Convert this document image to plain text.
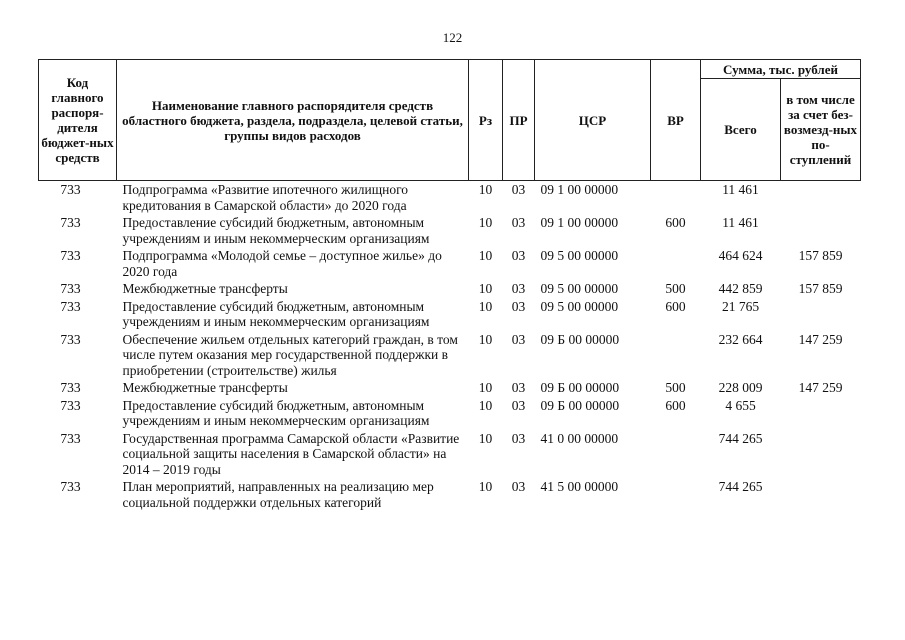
122
Код главного распоря-дителя бюджет-ных средств	Наименование главного распорядителя средств областного бюджета, раздела, подраздела, целевой статьи, группы видов расходов	Рз	ПР	ЦСР	ВР	Сумма, тыс. рублей	
						Всего	в том числе за счет без-возмезд-ных по-ступлений
733	Подпрограмма «Развитие ипотечного жилищного кредитования в Самарской области» до 2020 года	10	03	09 1 00 00000		11 461	
733	Предоставление субсидий бюджетным, автономным учреждениям и иным некоммерческим организациям	10	03	09 1 00 00000	600	11 461	
733	Подпрограмма «Молодой семье – доступное жилье» до 2020 года	10	03	09 5 00 00000		464 624	157 859
733	Межбюджетные трансферты	10	03	09 5 00 00000	500	442 859	157 859
733	Предоставление субсидий бюджетным, автономным учреждениям и иным некоммерческим организациям	10	03	09 5 00 00000	600	21 765	
733	Обеспечение жильем отдельных категорий граждан, в том числе путем оказания мер государственной поддержки в приобретении (строительстве) жилья	10	03	09 Б 00 00000		232 664	147 259
733	Межбюджетные трансферты	10	03	09 Б 00 00000	500	228 009	147 259
733	Предоставление субсидий бюджетным, автономным учреждениям и иным некоммерческим организациям	10	03	09 Б 00 00000	600	4 655	
733	Государственная программа Самарской области «Развитие социальной защиты населения в Самарской области» на 2014 – 2019 годы	10	03	41 0 00 00000		744 265	
733	План мероприятий, направленных на реализацию мер социальной поддержки отдельных категорий	10	03	41 5 00 00000		744 265	
